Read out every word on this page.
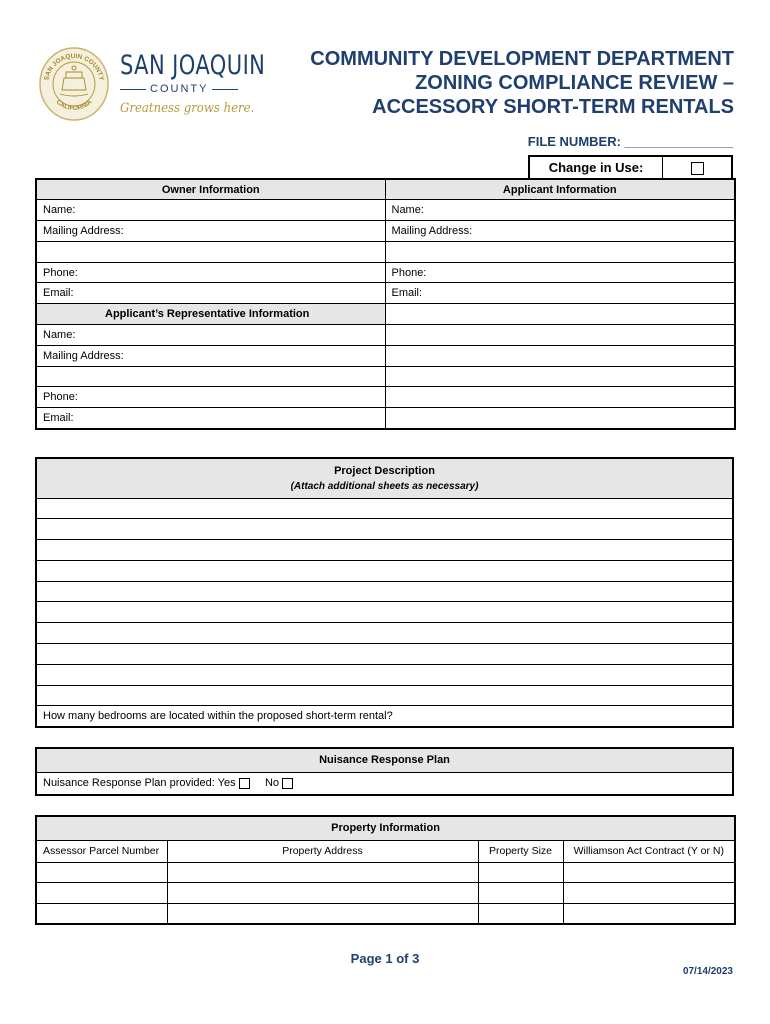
SAN JOAQUIN COUNTY
CALIFORNIA
SAN JOAQUIN
COUNTY
Greatness grows here.
COMMUNITY DEVELOPMENT DEPARTMENT
ZONING COMPLIANCE REVIEW –
ACCESSORY SHORT-TERM RENTALS
FILE NUMBER: _______________
Change in Use:
Owner Information	Applicant Information
Name:	Name:
Mailing Address:	Mailing Address:

Phone:	Phone:
Email:	Email:
Applicant’s Representative Information	
Name:	
Mailing Address:	

Phone:	
Email:	
Project Description
(Attach additional sheets as necessary)

How many bedrooms are located within the proposed short-term rental?
Nuisance Response Plan
Nuisance Response Plan provided: Yes	No
Property Information			
Assessor Parcel Number	Property Address	Property Size	Williamson Act Contract (Y or N)

Page 1 of 3
07/14/2023
